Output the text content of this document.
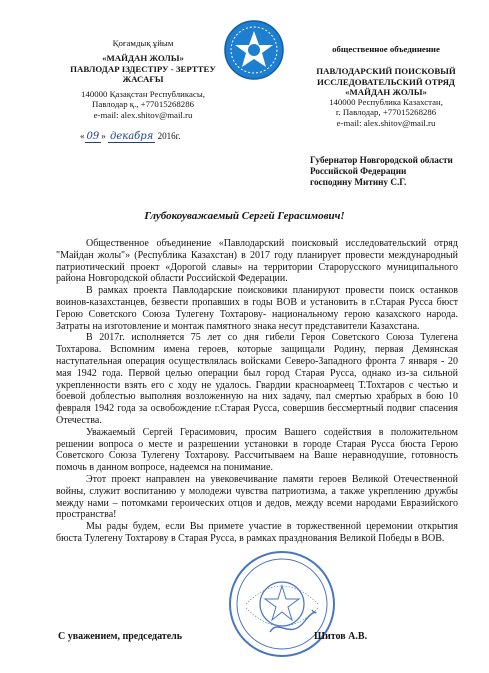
Қоғамдық ұйым
«МАЙДАН ЖОЛЫ»
ПАВЛОДАР ІЗДЕСТІРУ - ЗЕРТТЕУ
ЖАСАҒЫ
140000 Қазақстан Республикасы,
Павлодар қ., +77015268286
e-mail: alex.shitov@mail.ru
общественное объединение
ПАВЛОДАРСКИЙ ПОИСКОВЫЙ
ИССЛЕДОВАТЕЛЬСКИЙ ОТРЯД
«МАЙДАН ЖОЛЫ»
140000 Республика Казахстан,
г. Павлодар, +77015268286
e-mail: alex.shitov@mail.ru
« 09 » декабря 2016г.
Губернатор Новгородской области
Российской Федерации
господину Митину С.Г.
Глубокоуважаемый Сергей Герасимович!

Общественное объединение «Павлодарский поисковый исследовательский отряд "Майдан жолы"» (Республика Казахстан) в 2017 году планирует провести международный патриотический проект «Дорогой славы» на территории Старорусского муниципального района Новгородской области Российской Федерации.

В рамках проекта Павлодарские поисковики планируют провести поиск останков воинов-казахстанцев, безвести пропавших в годы ВОВ и установить в г.Старая Русса бюст Герою Советского Союза Тулегену Тохтарову- национальному герою казахского народа. Затраты на изготовление и монтаж памятного знака несут представители Казахстана.

В 2017г. исполняется 75 лет со дня гибели Героя Советского Союза Тулегена Тохтарова. Вспомним имена героев, которые защищали Родину, первая Демянская наступательная операция осуществлялась войсками Северо-Западного фронта 7 января - 20 мая 1942 года. Первой целью операции был город Старая Русса, однако из-за сильной укрепленности взять его с ходу не удалось. Гвардии красноармеец Т.Тохтаров с честью и боевой доблестью выполняя возложенную на них задачу, пал смертью храбрых в бою 10 февраля 1942 года за освобождение г.Старая Русса, совершив бессмертный подвиг спасения Отечества.

Уважаемый Сергей Герасимович, просим Вашего содействия в положительном решении вопроса о месте и разрешении установки в городе Старая Русса бюста Герою Советского Союза Тулегену Тохтарову. Рассчитываем на Ваше неравнодушие, готовность помочь в данном вопросе, надеемся на понимание.

Этот проект направлен на увековечивание памяти героев Великой Отечественной войны, служит воспитанию у молодежи чувства патриотизма, а также укреплению дружбы между нами – потомками героических отцов и дедов, между всеми народами Евразийского пространства!

Мы рады будем, если Вы примете участие в торжественной церемонии открытия бюста Тулегену Тохтарову в Старая Русса, в рамках празднования Великой Победы в ВОВ.

С уважением, председатель	Шитов А.В.
